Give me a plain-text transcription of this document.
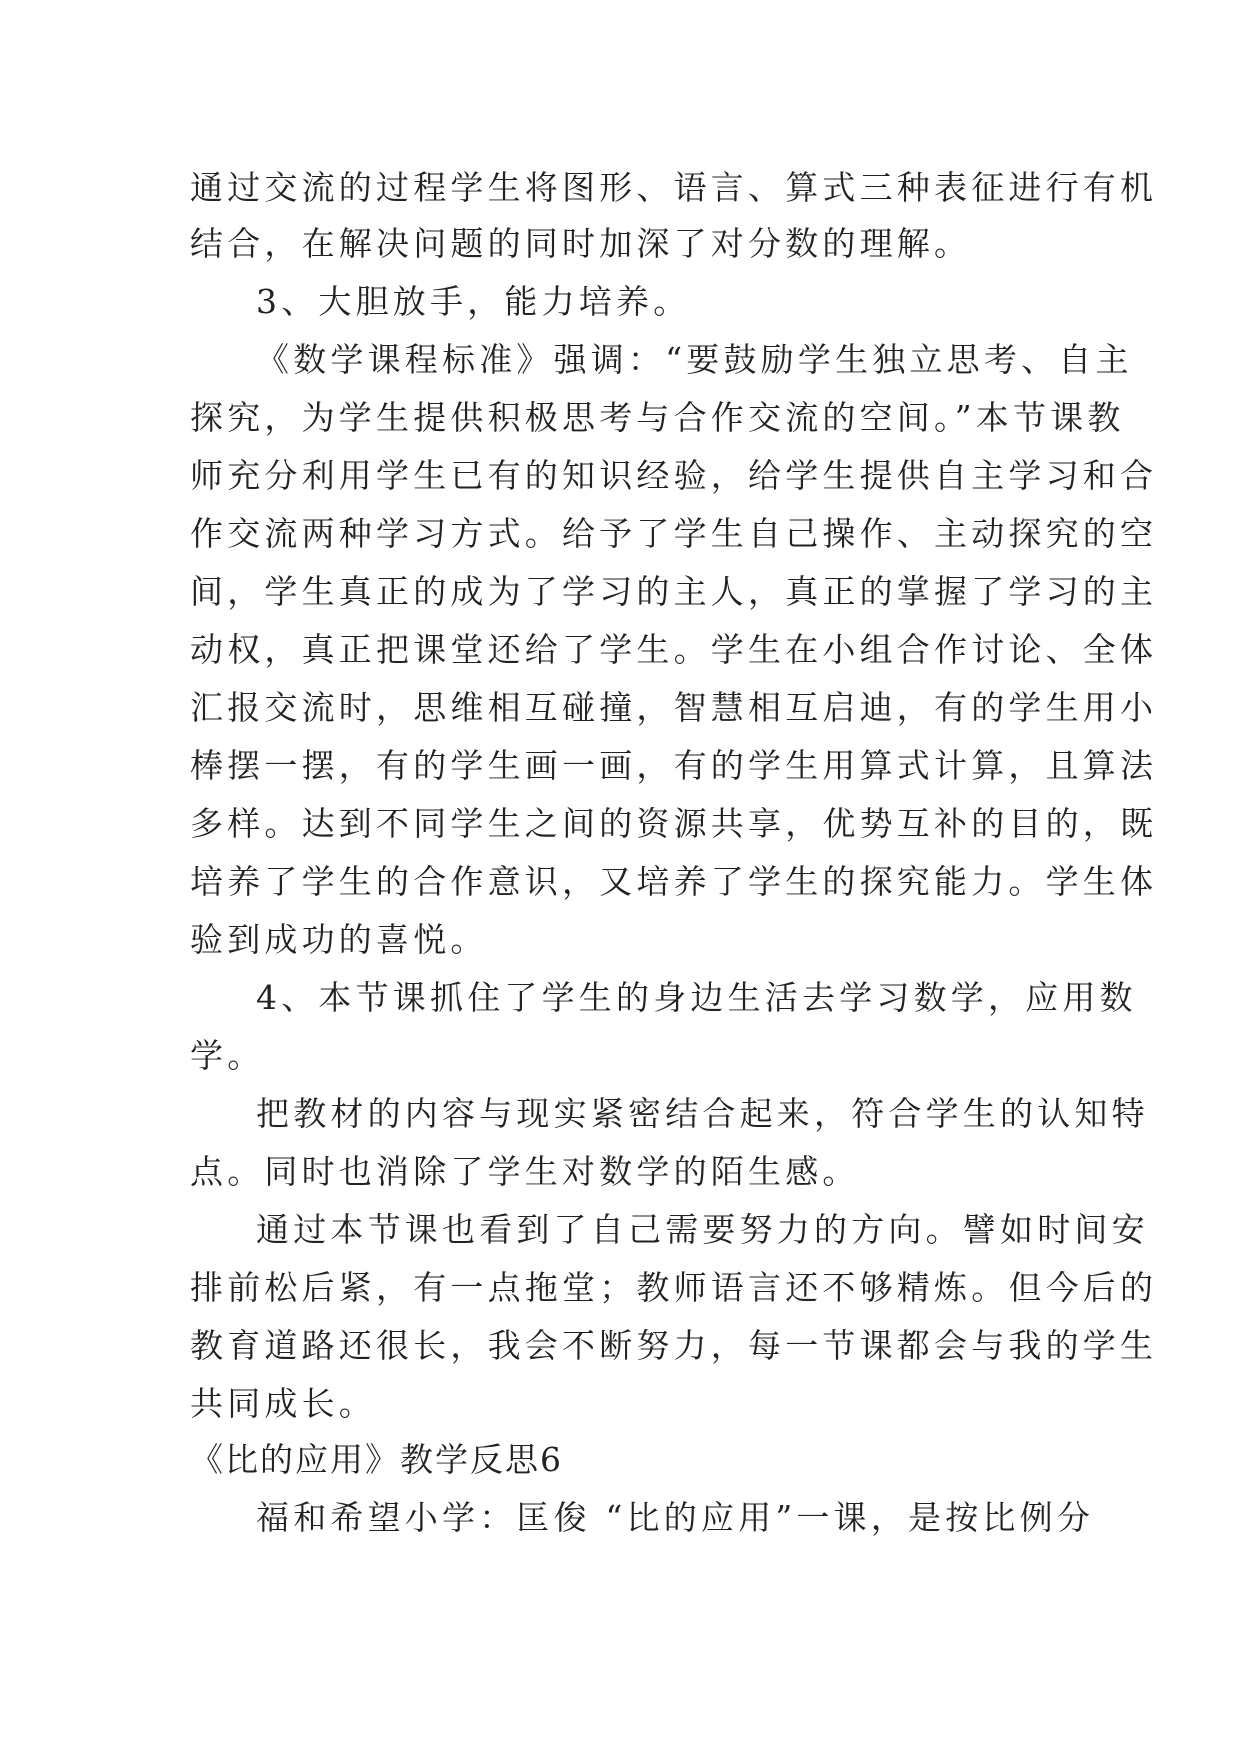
通过交流的过程学生将图形、语言、算式三种表征进行有机
结合，在解决问题的同时加深了对分数的理解。
3、大胆放手，能力培养。
《数学课程标准》强调：“要鼓励学生独立思考、自主
探究，为学生提供积极思考与合作交流的空间。”本节课教
师充分利用学生已有的知识经验，给学生提供自主学习和合
作交流两种学习方式。给予了学生自己操作、主动探究的空
间，学生真正的成为了学习的主人，真正的掌握了学习的主
动权，真正把课堂还给了学生。学生在小组合作讨论、全体
汇报交流时，思维相互碰撞，智慧相互启迪，有的学生用小
棒摆一摆，有的学生画一画，有的学生用算式计算，且算法
多样。达到不同学生之间的资源共享，优势互补的目的，既
培养了学生的合作意识，又培养了学生的探究能力。学生体
验到成功的喜悦。
4、本节课抓住了学生的身边生活去学习数学，应用数
学。
把教材的内容与现实紧密结合起来，符合学生的认知特
点。同时也消除了学生对数学的陌生感。
通过本节课也看到了自己需要努力的方向。譬如时间安
排前松后紧，有一点拖堂；教师语言还不够精炼。但今后的
教育道路还很长，我会不断努力，每一节课都会与我的学生
共同成长。
《比的应用》教学反思6
福和希望小学：匡俊 “比的应用”一课，是按比例分
